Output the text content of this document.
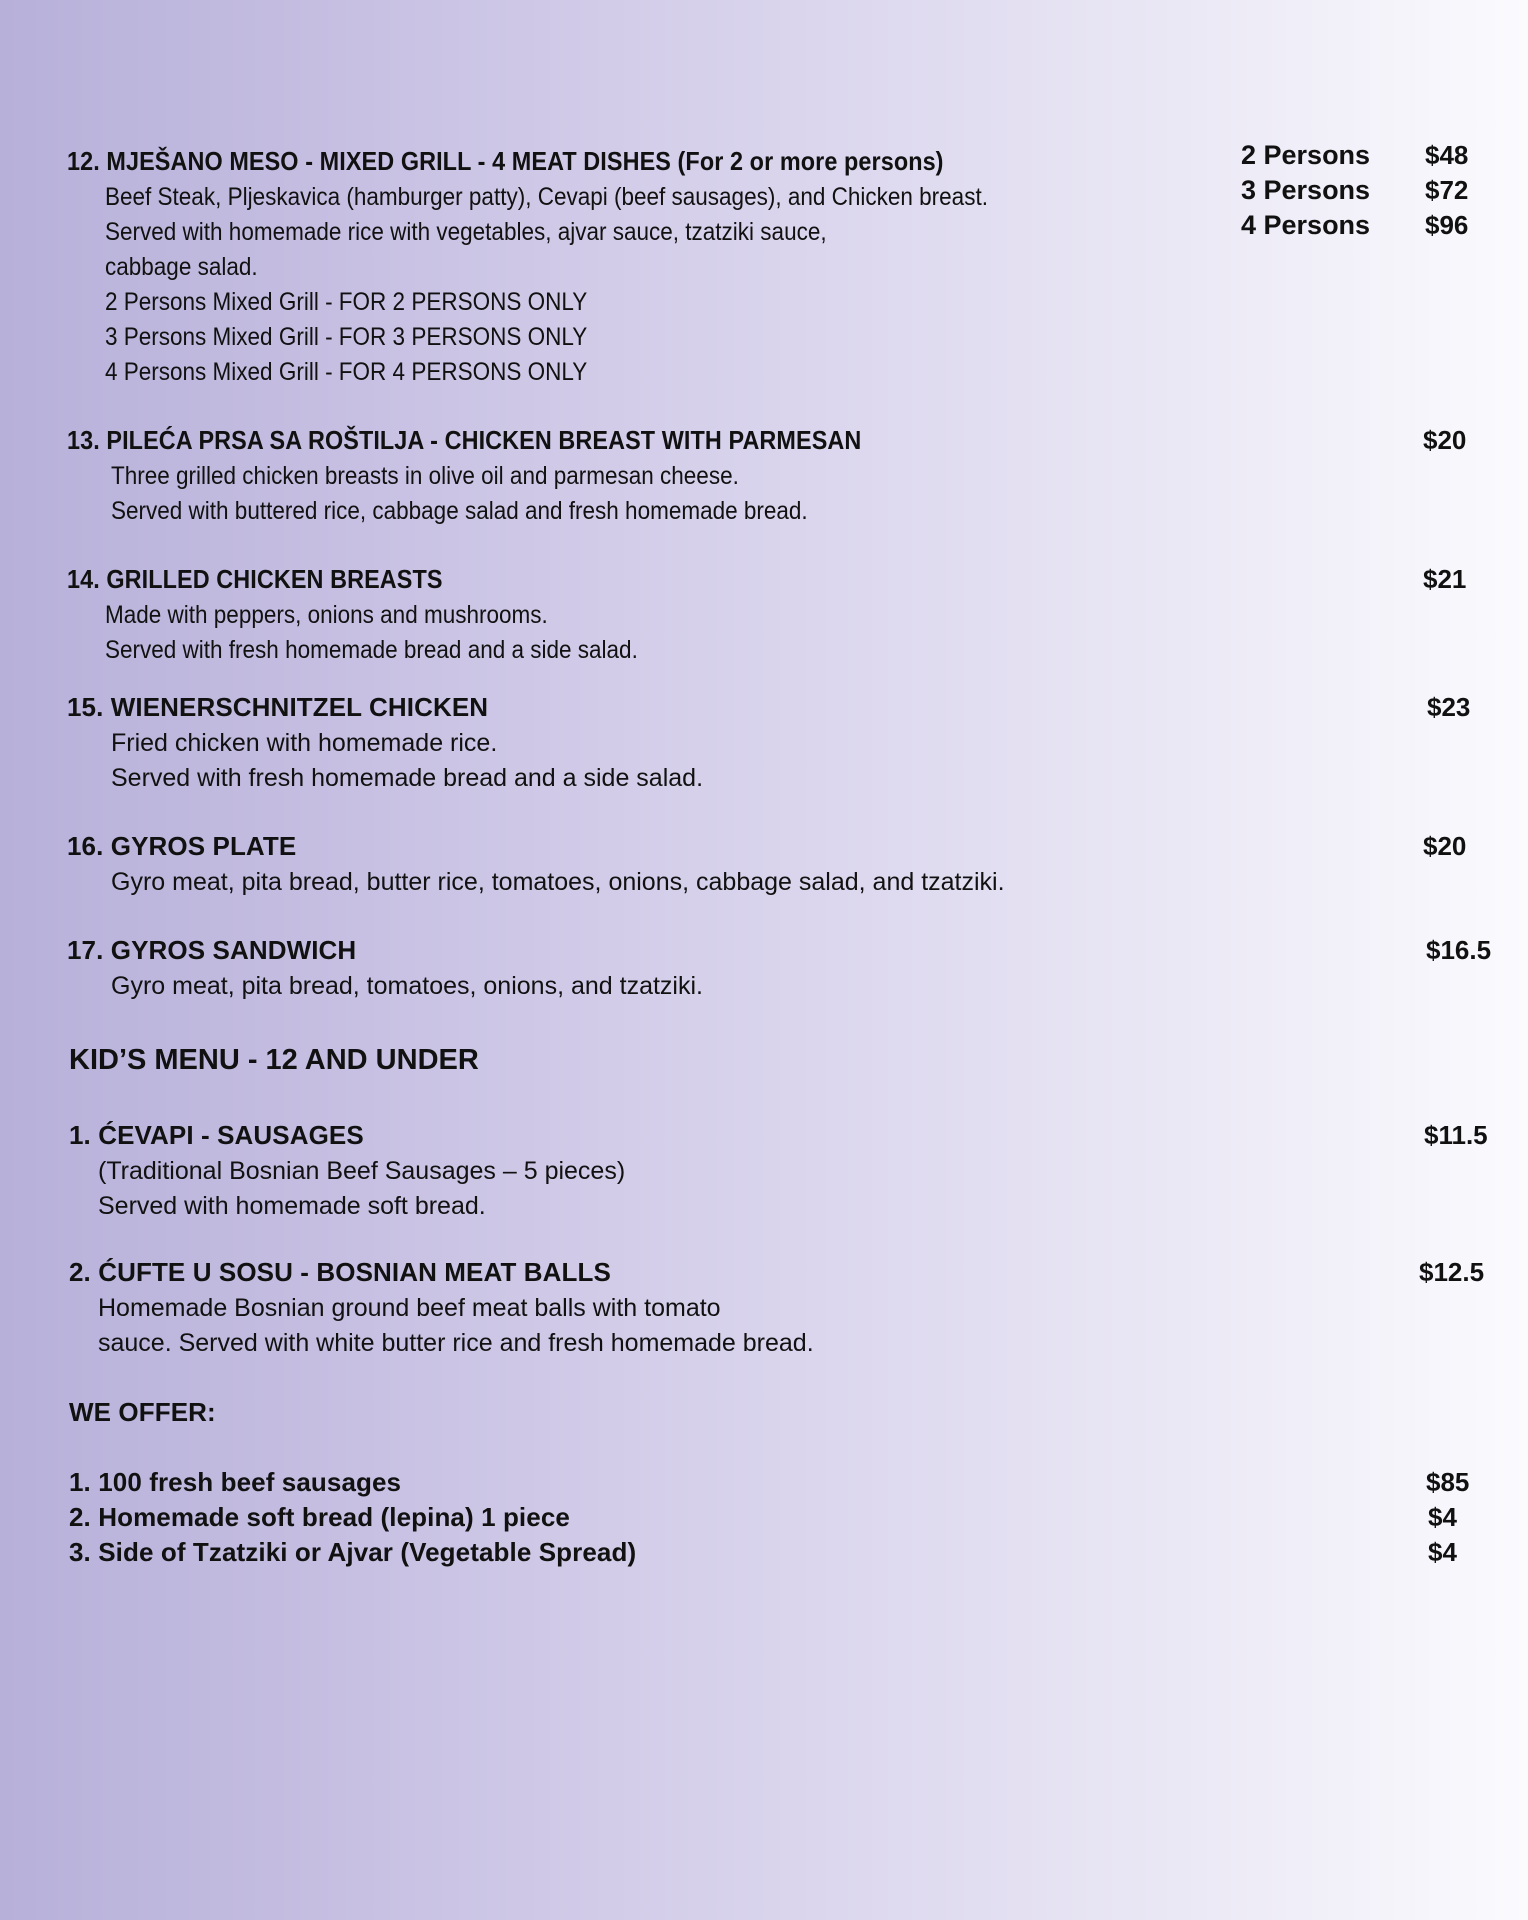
12. MJEŠANO MESO - MIXED GRILL - 4 MEAT DISHES (For 2 or more persons)
Beef Steak, Pljeskavica (hamburger patty), Cevapi (beef sausages), and Chicken breast.
Served with homemade rice with vegetables, ajvar sauce, tzatziki sauce,
cabbage salad.
2 Persons Mixed Grill - FOR 2 PERSONS ONLY
3 Persons Mixed Grill - FOR 3 PERSONS ONLY
4 Persons Mixed Grill - FOR 4 PERSONS ONLY
2 Persons $48
3 Persons $72
4 Persons $96
13. PILEĆA PRSA SA ROŠTILJA - CHICKEN BREAST WITH PARMESAN	$20
Three grilled chicken breasts in olive oil and parmesan cheese.
Served with buttered rice, cabbage salad and fresh homemade bread.
14. GRILLED CHICKEN BREASTS	$21
Made with peppers, onions and mushrooms.
Served with fresh homemade bread and a side salad.
15. WIENERSCHNITZEL CHICKEN	$23
Fried chicken with homemade rice.
Served with fresh homemade bread and a side salad.
16. GYROS PLATE	$20
Gyro meat, pita bread, butter rice, tomatoes, onions, cabbage salad, and tzatziki.
17. GYROS SANDWICH	$16.5
Gyro meat, pita bread, tomatoes, onions, and tzatziki.
KID’S MENU - 12 AND UNDER
1. ĆEVAPI - SAUSAGES	$11.5
(Traditional Bosnian Beef Sausages – 5 pieces)
Served with homemade soft bread.
2. ĆUFTE U SOSU - BOSNIAN MEAT BALLS	$12.5
Homemade Bosnian ground beef meat balls with tomato
sauce. Served with white butter rice and fresh homemade bread.
WE OFFER:
1. 100 fresh beef sausages	$85
2. Homemade soft bread (lepina) 1 piece	$4
3. Side of Tzatziki or Ajvar (Vegetable Spread)	$4
